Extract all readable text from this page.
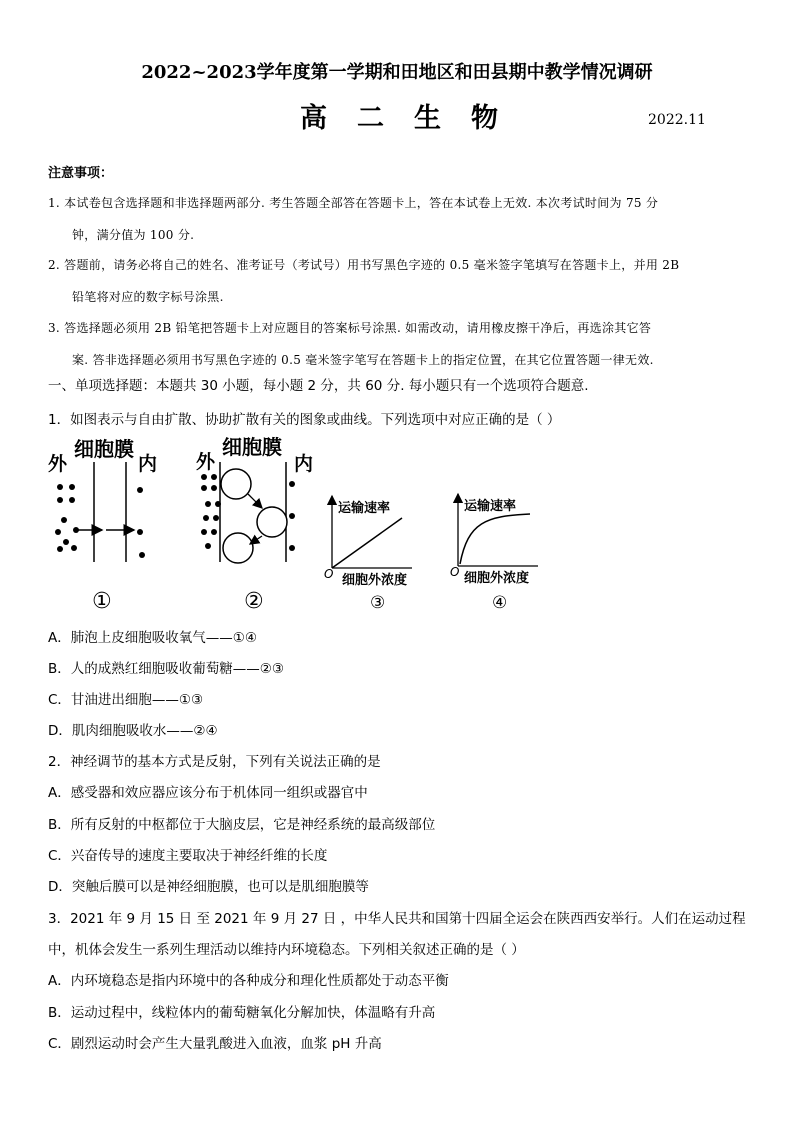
2022~2023学年度第一学期和田地区和田县期中教学情况调研
高二生物	2022.11
注意事项：
1. 本试卷包含选择题和非选择题两部分. 考生答题全部答在答题卡上，答在本试卷上无效. 本次考试时间为 75 分
钟，满分值为 100 分.
2. 答题前，请务必将自己的姓名、准考证号（考试号）用书写黑色字迹的 0.5 毫米签字笔填写在答题卡上，并用 2B
铅笔将对应的数字标号涂黑.
3. 答选择题必须用 2B 铅笔把答题卡上对应题目的答案标号涂黑. 如需改动，请用橡皮擦干净后，再选涂其它答
案. 答非选择题必须用书写黑色字迹的 0.5 毫米签字笔写在答题卡上的指定位置，在其它位置答题一律无效.
一、单项选择题：本题共 30 小题，每小题 2 分，共 60 分. 每小题只有一个选项符合题意.
1．如图表示与自由扩散、协助扩散有关的图象或曲线。下列选项中对应正确的是（ ）
细胞膜
外	内
①
细胞膜
外	内
②
运输速率
O 细胞外浓度
③
运输速率
O 细胞外浓度
④
A．肺泡上皮细胞吸收氧气——①④
B．人的成熟红细胞吸收葡萄糖——②③
C．甘油进出细胞——①③
D．肌肉细胞吸收水——②④
2．神经调节的基本方式是反射，下列有关说法正确的是
A．感受器和效应器应该分布于机体同一组织或器官中
B．所有反射的中枢都位于大脑皮层，它是神经系统的最高级部位
C．兴奋传导的速度主要取决于神经纤维的长度
D．突触后膜可以是神经细胞膜，也可以是肌细胞膜等
3．2021 年 9 月 15 日 至 2021 年 9 月 27 日 ，中华人民共和国第十四届全运会在陕西西安举行。人们在运动过程
中，机体会发生一系列生理活动以维持内环境稳态。下列相关叙述正确的是（ ）
A．内环境稳态是指内环境中的各种成分和理化性质都处于动态平衡
B．运动过程中，线粒体内的葡萄糖氧化分解加快，体温略有升高
C．剧烈运动时会产生大量乳酸进入血液，血浆 pH 升高
